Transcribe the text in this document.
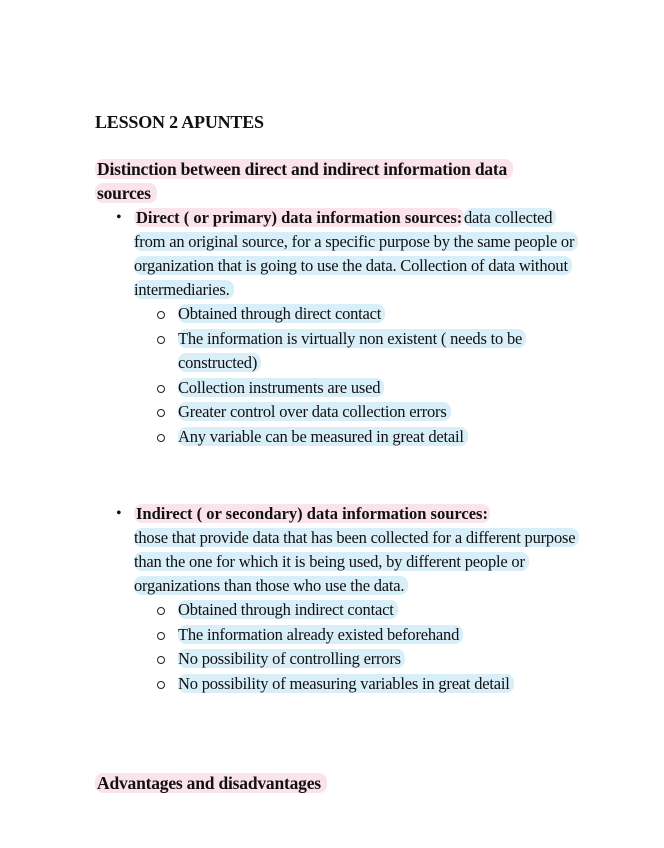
LESSON 2 APUNTES
Distinction between direct and indirect information data sources
• Direct ( or primary) data information sources: data collected from an original source, for a specific purpose by the same people or organization that is going to use the data. Collection of data without intermediaries.
Obtained through direct contact
The information is virtually non existent ( needs to be constructed)
Collection instruments are used
Greater control over data collection errors
Any variable can be measured in great detail
• Indirect ( or secondary) data information sources:
those that provide data that has been collected for a different purpose than the one for which it is being used, by different people or organizations than those who use the data.
Obtained through indirect contact
The information already existed beforehand
No possibility of controlling errors
No possibility of measuring variables in great detail
Advantages and disadvantages
